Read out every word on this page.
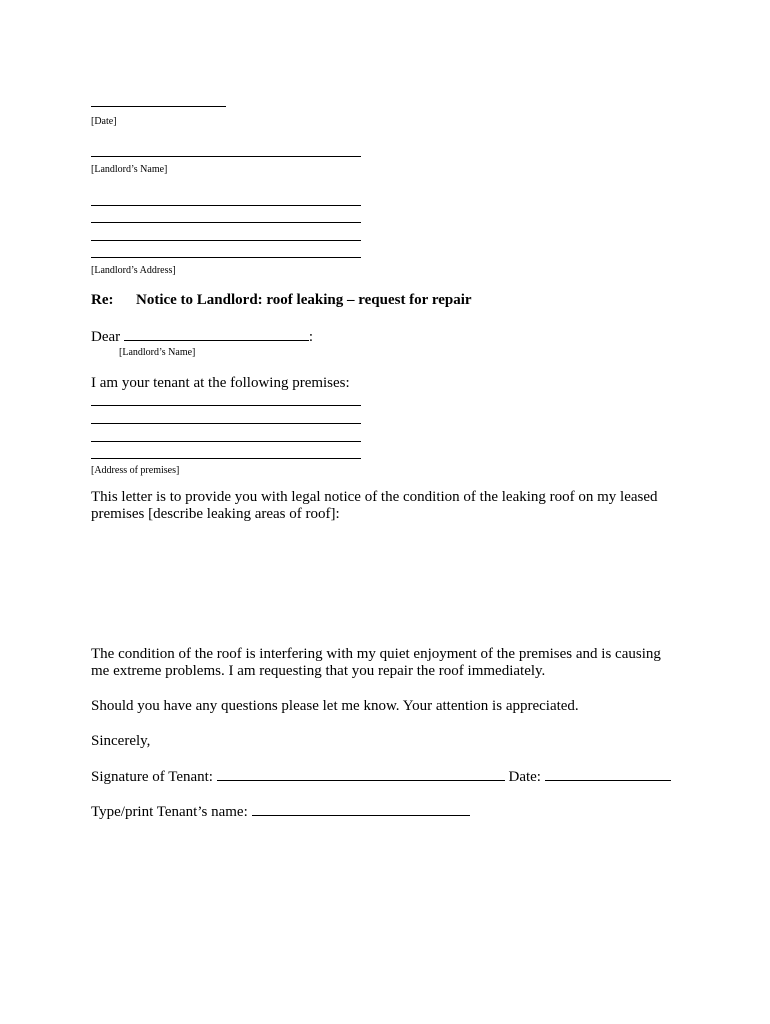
[Date]
[Landlord’s Name]
[Landlord’s Address]
Re: Notice to Landlord: roof leaking – request for repair
Dear	:
[Landlord’s Name]
I am your tenant at the following premises:
[Address of premises]
This letter is to provide you with legal notice of the condition of the leaking roof on my leased
premises [describe leaking areas of roof]:
The condition of the roof is interfering with my quiet enjoyment of the premises and is causing
me extreme problems. I am requesting that you repair the roof immediately.
Should you have any questions please let me know. Your attention is appreciated.
Sincerely,
Signature of Tenant:	Date:
Type/print Tenant’s name:
